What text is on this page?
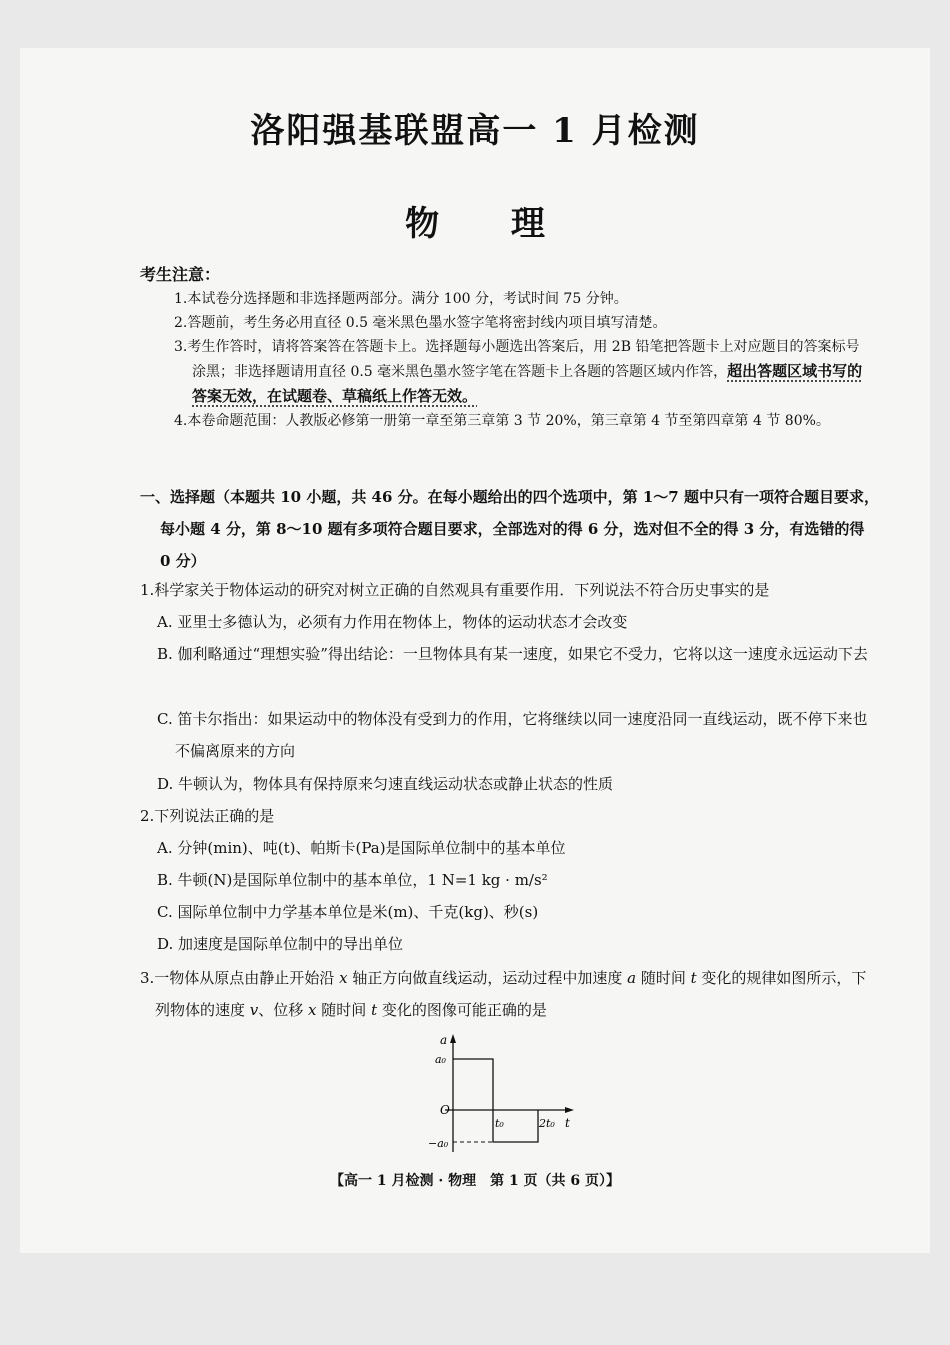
洛阳强基联盟高一 1 月检测
物 理
考生注意：
1.本试卷分选择题和非选择题两部分。满分 100 分，考试时间 75 分钟。
2.答题前，考生务必用直径 0.5 毫米黑色墨水签字笔将密封线内项目填写清楚。
3.考生作答时，请将答案答在答题卡上。选择题每小题选出答案后，用 2B 铅笔把答题卡上对应题目的答案标号涂黑；非选择题请用直径 0.5 毫米黑色墨水签字笔在答题卡上各题的答题区域内作答，超出答题区域书写的答案无效，在试题卷、草稿纸上作答无效。
4.本卷命题范围：人教版必修第一册第一章至第三章第 3 节 20%，第三章第 4 节至第四章第 4 节 80%。
一、选择题（本题共 10 小题，共 46 分。在每小题给出的四个选项中，第 1～7 题中只有一项符合题目要求，每小题 4 分，第 8～10 题有多项符合题目要求，全部选对的得 6 分，选对但不全的得 3 分，有选错的得 0 分）
1.科学家关于物体运动的研究对树立正确的自然观具有重要作用．下列说法不符合历史事实的是
A. 亚里士多德认为，必须有力作用在物体上，物体的运动状态才会改变
B. 伽利略通过“理想实验”得出结论：一旦物体具有某一速度，如果它不受力，它将以这一速度永远运动下去
C. 笛卡尔指出：如果运动中的物体没有受到力的作用，它将继续以同一速度沿同一直线运动，既不停下来也不偏离原来的方向
D. 牛顿认为，物体具有保持原来匀速直线运动状态或静止状态的性质
2.下列说法正确的是
A. 分钟(min)、吨(t)、帕斯卡(Pa)是国际单位制中的基本单位
B. 牛顿(N)是国际单位制中的基本单位，1 N=1 kg · m/s²
C. 国际单位制中力学基本单位是米(m)、千克(kg)、秒(s)
D. 加速度是国际单位制中的导出单位
3.一物体从原点由静止开始沿 x 轴正方向做直线运动，运动过程中加速度 a 随时间 t 变化的规律如图所示，下列物体的速度 v、位移 x 随时间 t 变化的图像可能正确的是
a
a₀
O
t₀	2t₀ t
−a₀
【高一 1 月检测 · 物理　第 1 页（共 6 页）】
